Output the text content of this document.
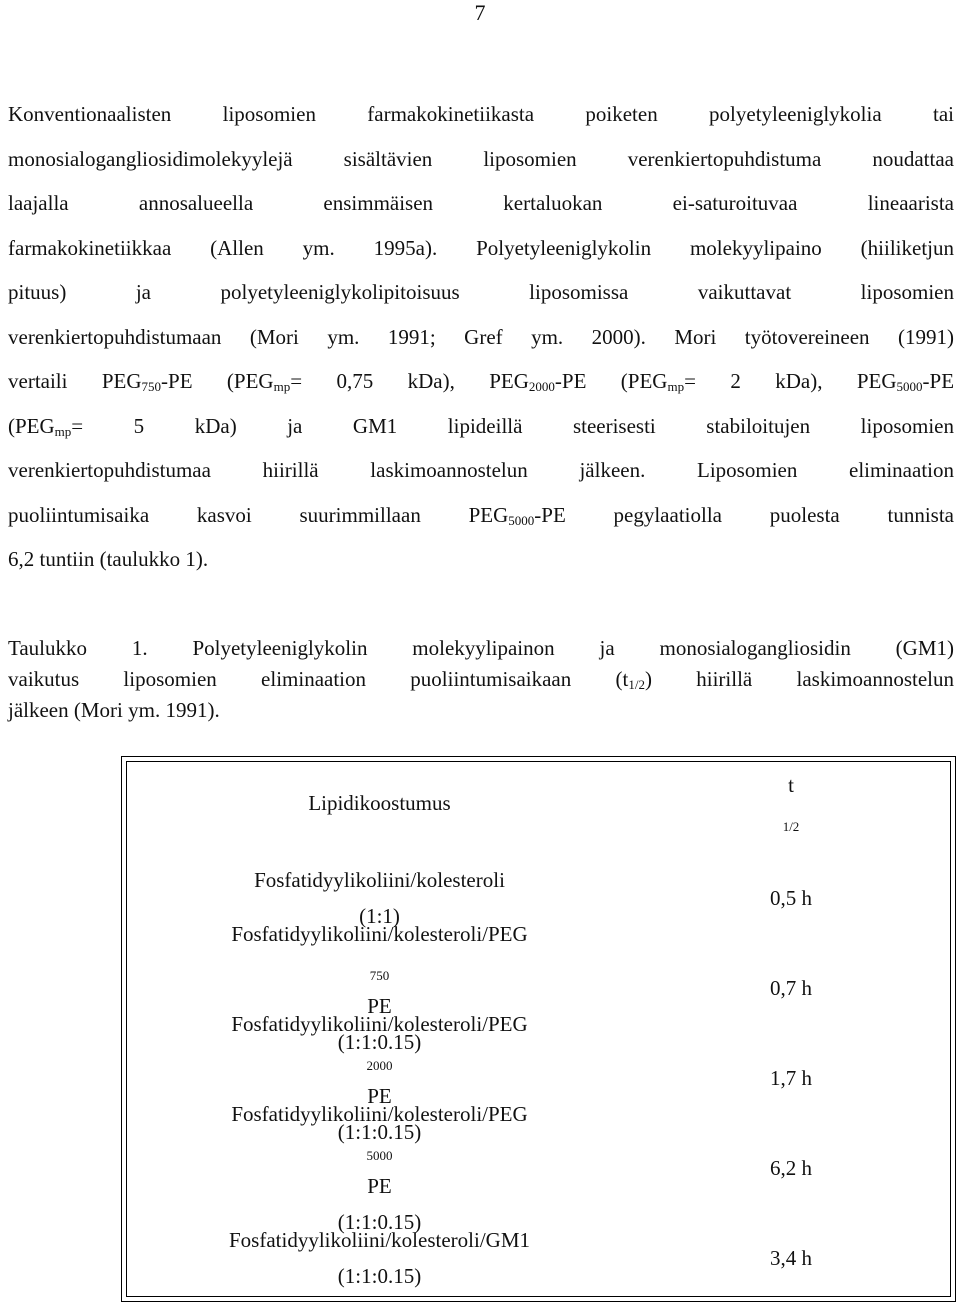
7
Konventionaalisten liposomien farmakokinetiikasta poiketen polyetyleeniglykolia tai
monosialogangliosidimolekyylejä sisältävien liposomien verenkiertopuhdistuma noudattaa
laajalla annosalueella ensimmäisen kertaluokan ei-saturoituvaa lineaarista
farmakokinetiikkaa (Allen ym. 1995a). Polyetyleeniglykolin molekyylipaino (hiiliketjun
pituus) ja polyetyleeniglykolipitoisuus liposomissa vaikuttavat liposomien
verenkiertopuhdistumaan (Mori ym. 1991; Gref ym. 2000). Mori työtovereineen (1991)
vertaili $PEG_{750}-PE$ ($PEG_{mp}= 0,75$ kDa), $PEG_{2000}-PE$ ($PEG_{mp}= 2$ kDa), $PEG_{5000}-PE$
($PEG_{mp}= 5$ kDa) ja GM1 lipideillä steerisesti stabiloitujen liposomien
verenkiertopuhdistumaa hiirillä laskimoannostelun jälkeen. Liposomien eliminaation
puoliintumisaika kasvoi suurimmillaan $PEG_{5000}-PE$ pegylaatiolla puolesta tunnista
6,2 tuntiin (taulukko 1).
Taulukko 1. Polyetyleeniglykolin molekyylipainon ja monosialogangliosidin (GM1)
vaikutus liposomien eliminaation puoliintumisaikaan $(t_{1/2})$ hiirillä laskimoannostelun
jälkeen (Mori ym. 1991).
Lipidikoostumus
t
$_{1/2}$
Fosfatidyylikoliini/kolesteroli
(1:1)
0,5 h
Fosfatidyylikoliini/kolesteroli/PEG
$_{750}$
PE
(1:1:0.15)
0,7 h
Fosfatidyylikoliini/kolesteroli/PEG
$_{2000}$
PE
(1:1:0.15)
1,7 h
Fosfatidyylikoliini/kolesteroli/PEG
$_{5000}$
PE
(1:1:0.15)
6,2 h
Fosfatidyylikoliini/kolesteroli/GM1
(1:1:0.15)
3,4 h
